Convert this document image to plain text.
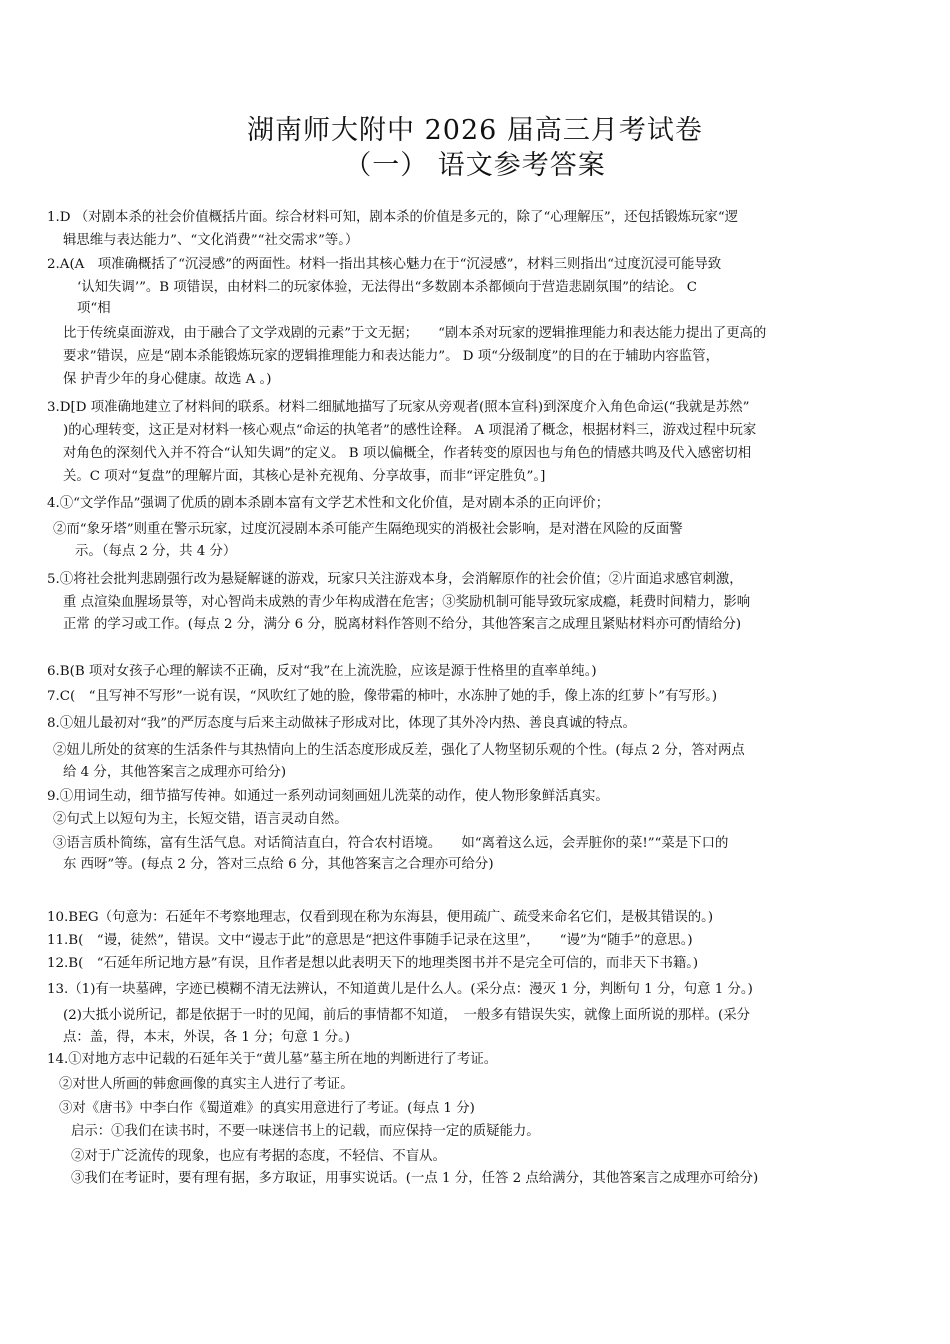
湖南师大附中 2026 届高三月考试卷
（一） 语文参考答案
1.D （对剧本杀的社会价值概括片面。综合材料可知，剧本杀的价值是多元的，除了“心理解压”，还包括锻炼玩家“逻
辑思维与表达能力”、“文化消费”“社交需求”等。）
2.A(A　项准确概括了“沉浸感”的两面性。材料一指出其核心魅力在于“沉浸感”，材料三则指出“过度沉浸可能导致
‘认知失调’”。B 项错误，由材料二的玩家体验，无法得出“多数剧本杀都倾向于营造悲剧氛围”的结论。 C
项“相
比于传统桌面游戏，由于融合了文学戏剧的元素”于文无据；　　“剧本杀对玩家的逻辑推理能力和表达能力提出了更高的
要求”错误，应是“剧本杀能锻炼玩家的逻辑推理能力和表达能力”。 D 项“分级制度”的目的在于辅助内容监管，
保 护青少年的身心健康。故选 A 。)
3.D[D 项准确地建立了材料间的联系。材料二细腻地描写了玩家从旁观者(照本宣科)到深度介入角色命运(“我就是苏然”
)的心理转变，这正是对材料一核心观点“命运的执笔者”的感性诠释。 A 项混淆了概念，根据材料三，游戏过程中玩家
对角色的深刻代入并不符合“认知失调”的定义。 B 项以偏概全，作者转变的原因也与角色的情感共鸣及代入感密切相
关。C 项对“复盘”的理解片面，其核心是补充视角、分享故事，而非“评定胜负”。]
4.①“文学作品”强调了优质的剧本杀剧本富有文学艺术性和文化价值，是对剧本杀的正向评价；
②而“象牙塔”则重在警示玩家，过度沉浸剧本杀可能产生隔绝现实的消极社会影响，是对潜在风险的反面警
示。（每点 2 分，共 4 分）
5.①将社会批判悲剧强行改为悬疑解谜的游戏，玩家只关注游戏本身，会消解原作的社会价值；②片面追求感官刺激，
重 点渲染血腥场景等，对心智尚未成熟的青少年构成潜在危害；③奖励机制可能导致玩家成瘾，耗费时间精力，影响
正常 的学习或工作。(每点 2 分，满分 6 分，脱离材料作答则不给分，其他答案言之成理且紧贴材料亦可酌情给分)
6.B(B 项对女孩子心理的解读不正确，反对“我”在上流洗脸，应该是源于性格里的直率单纯。)
7.C(　“且写神不写形”一说有误，“风吹红了她的脸，像带霜的柿叶，水冻肿了她的手，像上冻的红萝卜”有写形。)
8.①妞儿最初对“我”的严厉态度与后来主动做袜子形成对比，体现了其外冷内热、善良真诚的特点。
②妞儿所处的贫寒的生活条件与其热情向上的生活态度形成反差，强化了人物坚韧乐观的个性。(每点 2 分，答对两点
给 4 分，其他答案言之成理亦可给分)
9.①用词生动，细节描写传神。如通过一系列动词刻画妞儿洗菜的动作，使人物形象鲜活真实。
②句式上以短句为主，长短交错，语言灵动自然。
③语言质朴简练，富有生活气息。对话简洁直白，符合农村语境。　　如“离着这么远，会弄脏你的菜!”“菜是下口的
东 西呀”等。(每点 2 分，答对三点给 6 分，其他答案言之合理亦可给分)
10.BEG（句意为：石延年不考察地理志，仅看到现在称为东海县，便用疏广、疏受来命名它们，是极其错误的。)
11.B(　“谩，徒然”，错误。文中“谩志于此”的意思是“把这件事随手记录在这里”，　　“谩”为“随手”的意思。)
12.B(　“石延年所记地方悬”有误，且作者是想以此表明天下的地理类图书并不是完全可信的，而非天下书籍。)
13.（1)有一块墓碑，字迹已模糊不清无法辨认，不知道黄儿是什么人。(采分点：漫灭 1 分，判断句 1 分，句意 1 分。)
(2)大抵小说所记，都是依据于一时的见闻，前后的事情都不知道，　一般多有错误失实，就像上面所说的那样。(采分
点：盖，得，本末，外误，各 1 分；句意 1 分。)
14.①对地方志中记载的石延年关于“黄儿墓”墓主所在地的判断进行了考证。
②对世人所画的韩愈画像的真实主人进行了考证。
③对《唐书》中李白作《蜀道难》的真实用意进行了考证。(每点 1 分)
启示：①我们在读书时，不要一味迷信书上的记载，而应保持一定的质疑能力。
②对于广泛流传的现象，也应有考据的态度，不轻信、不盲从。
③我们在考证时，要有理有据，多方取证，用事实说话。(一点 1 分，任答 2 点给满分，其他答案言之成理亦可给分)
